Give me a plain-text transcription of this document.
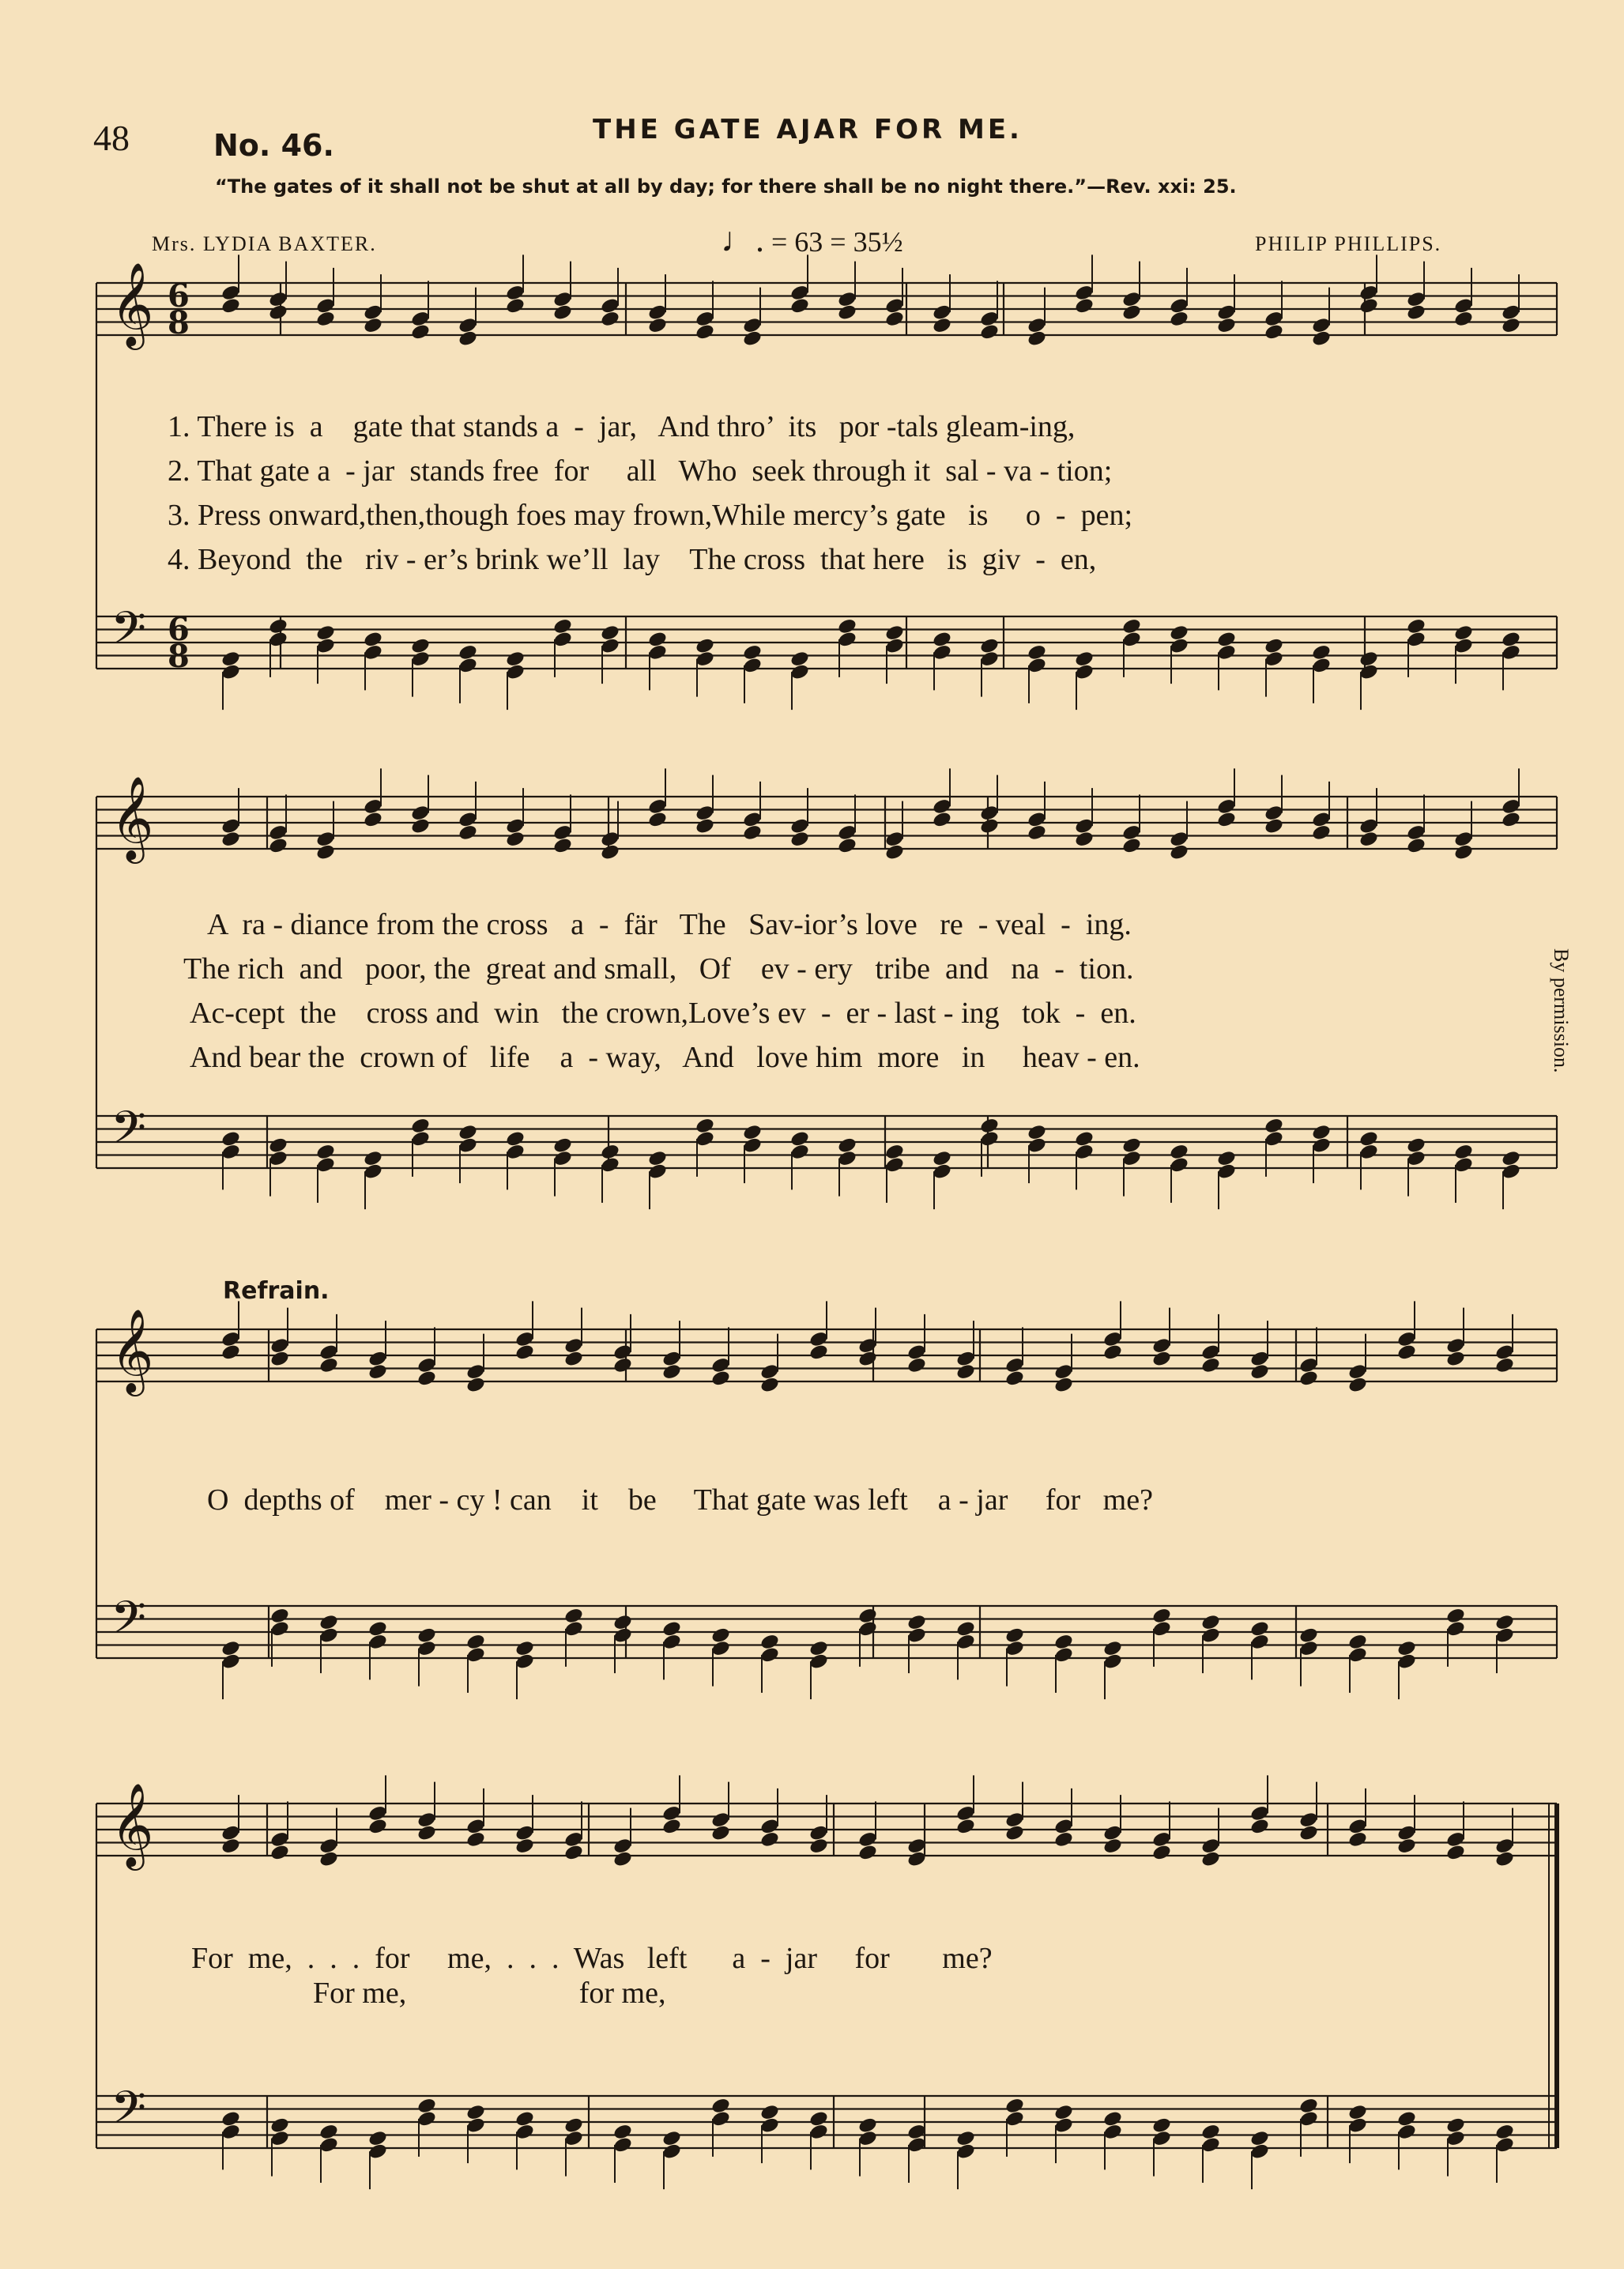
48	No. 46.	THE GATE AJAR FOR ME.
“The gates of it shall not be shut at all by day; for there shall be no night there.”—Rev. xxi: 25.
Mrs. LYDIA BAXTER.	♩. = 63 = 35½	PHILIP PHILLIPS.
Refrain.
By permission.
1. There is  a    gate that stands a  -  jar,   And thro’  its   por -tals gleam-ing,
2. That gate a  - jar  stands free  for     all   Who  seek through it  sal - va - tion;
3. Press onward,then,though foes may frown,While mercy’s gate   is     o  -  pen;
4. Beyond  the   riv - er’s brink we’ll  lay    The cross  that here   is  giv  -  en,
A  ra - diance from the cross   a  -  fär   The   Sav-ior’s love   re  - veal  -  ing.
The rich  and   poor, the  great and small,   Of    ev - ery   tribe  and   na  -  tion.
Ac-cept  the    cross and  win   the crown,Love’s ev  -  er - last - ing   tok  -  en.
And bear the  crown of   life    a  - way,   And   love him  more   in     heav - en.
O  depths of    mer - cy ! can    it    be     That gate was left    a - jar     for   me?
For  me,  .  .  .  for     me,  .  .  .  Was   left      a  -  jar     for       me?
For me,                       for me,
𝄞
𝄢
𝄞
𝄢
𝄞
𝄢
𝄞
𝄢
6
8
6
8
